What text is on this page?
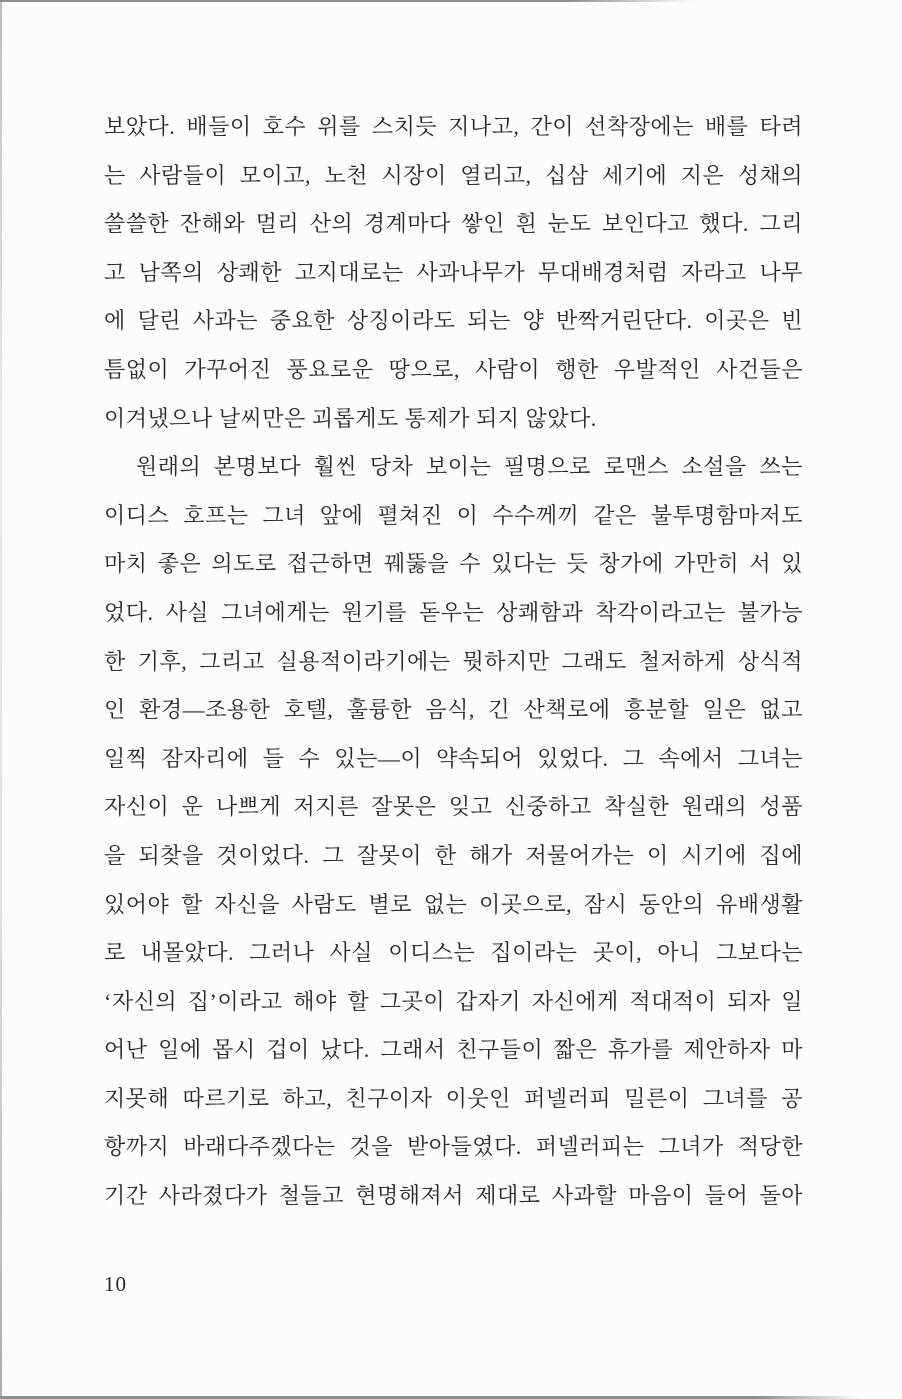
보았다. 배들이 호수 위를 스치듯 지나고, 간이 선착장에는 배를 타려
는 사람들이 모이고, 노천 시장이 열리고, 십삼 세기에 지은 성채의
쓸쓸한 잔해와 멀리 산의 경계마다 쌓인 흰 눈도 보인다고 했다. 그리
고 남쪽의 상쾌한 고지대로는 사과나무가 무대배경처럼 자라고 나무
에 달린 사과는 중요한 상징이라도 되는 양 반짝거린단다. 이곳은 빈
틈없이 가꾸어진 풍요로운 땅으로, 사람이 행한 우발적인 사건들은
이겨냈으나 날씨만은 괴롭게도 통제가 되지 않았다.
원래의 본명보다 훨씬 당차 보이는 필명으로 로맨스 소설을 쓰는
이디스 호프는 그녀 앞에 펼쳐진 이 수수께끼 같은 불투명함마저도
마치 좋은 의도로 접근하면 꿰뚫을 수 있다는 듯 창가에 가만히 서 있
었다. 사실 그녀에게는 원기를 돋우는 상쾌함과 착각이라고는 불가능
한 기후, 그리고 실용적이라기에는 뭣하지만 그래도 철저하게 상식적
인 환경—조용한 호텔, 훌륭한 음식, 긴 산책로에 흥분할 일은 없고
일찍 잠자리에 들 수 있는—이 약속되어 있었다. 그 속에서 그녀는
자신이 운 나쁘게 저지른 잘못은 잊고 신중하고 착실한 원래의 성품
을 되찾을 것이었다. 그 잘못이 한 해가 저물어가는 이 시기에 집에
있어야 할 자신을 사람도 별로 없는 이곳으로, 잠시 동안의 유배생활
로 내몰았다. 그러나 사실 이디스는 집이라는 곳이, 아니 그보다는
‘자신의 집’이라고 해야 할 그곳이 갑자기 자신에게 적대적이 되자 일
어난 일에 몹시 겁이 났다. 그래서 친구들이 짧은 휴가를 제안하자 마
지못해 따르기로 하고, 친구이자 이웃인 퍼넬러피 밀른이 그녀를 공
항까지 바래다주겠다는 것을 받아들였다. 퍼넬러피는 그녀가 적당한
기간 사라졌다가 철들고 현명해져서 제대로 사과할 마음이 들어 돌아
10
